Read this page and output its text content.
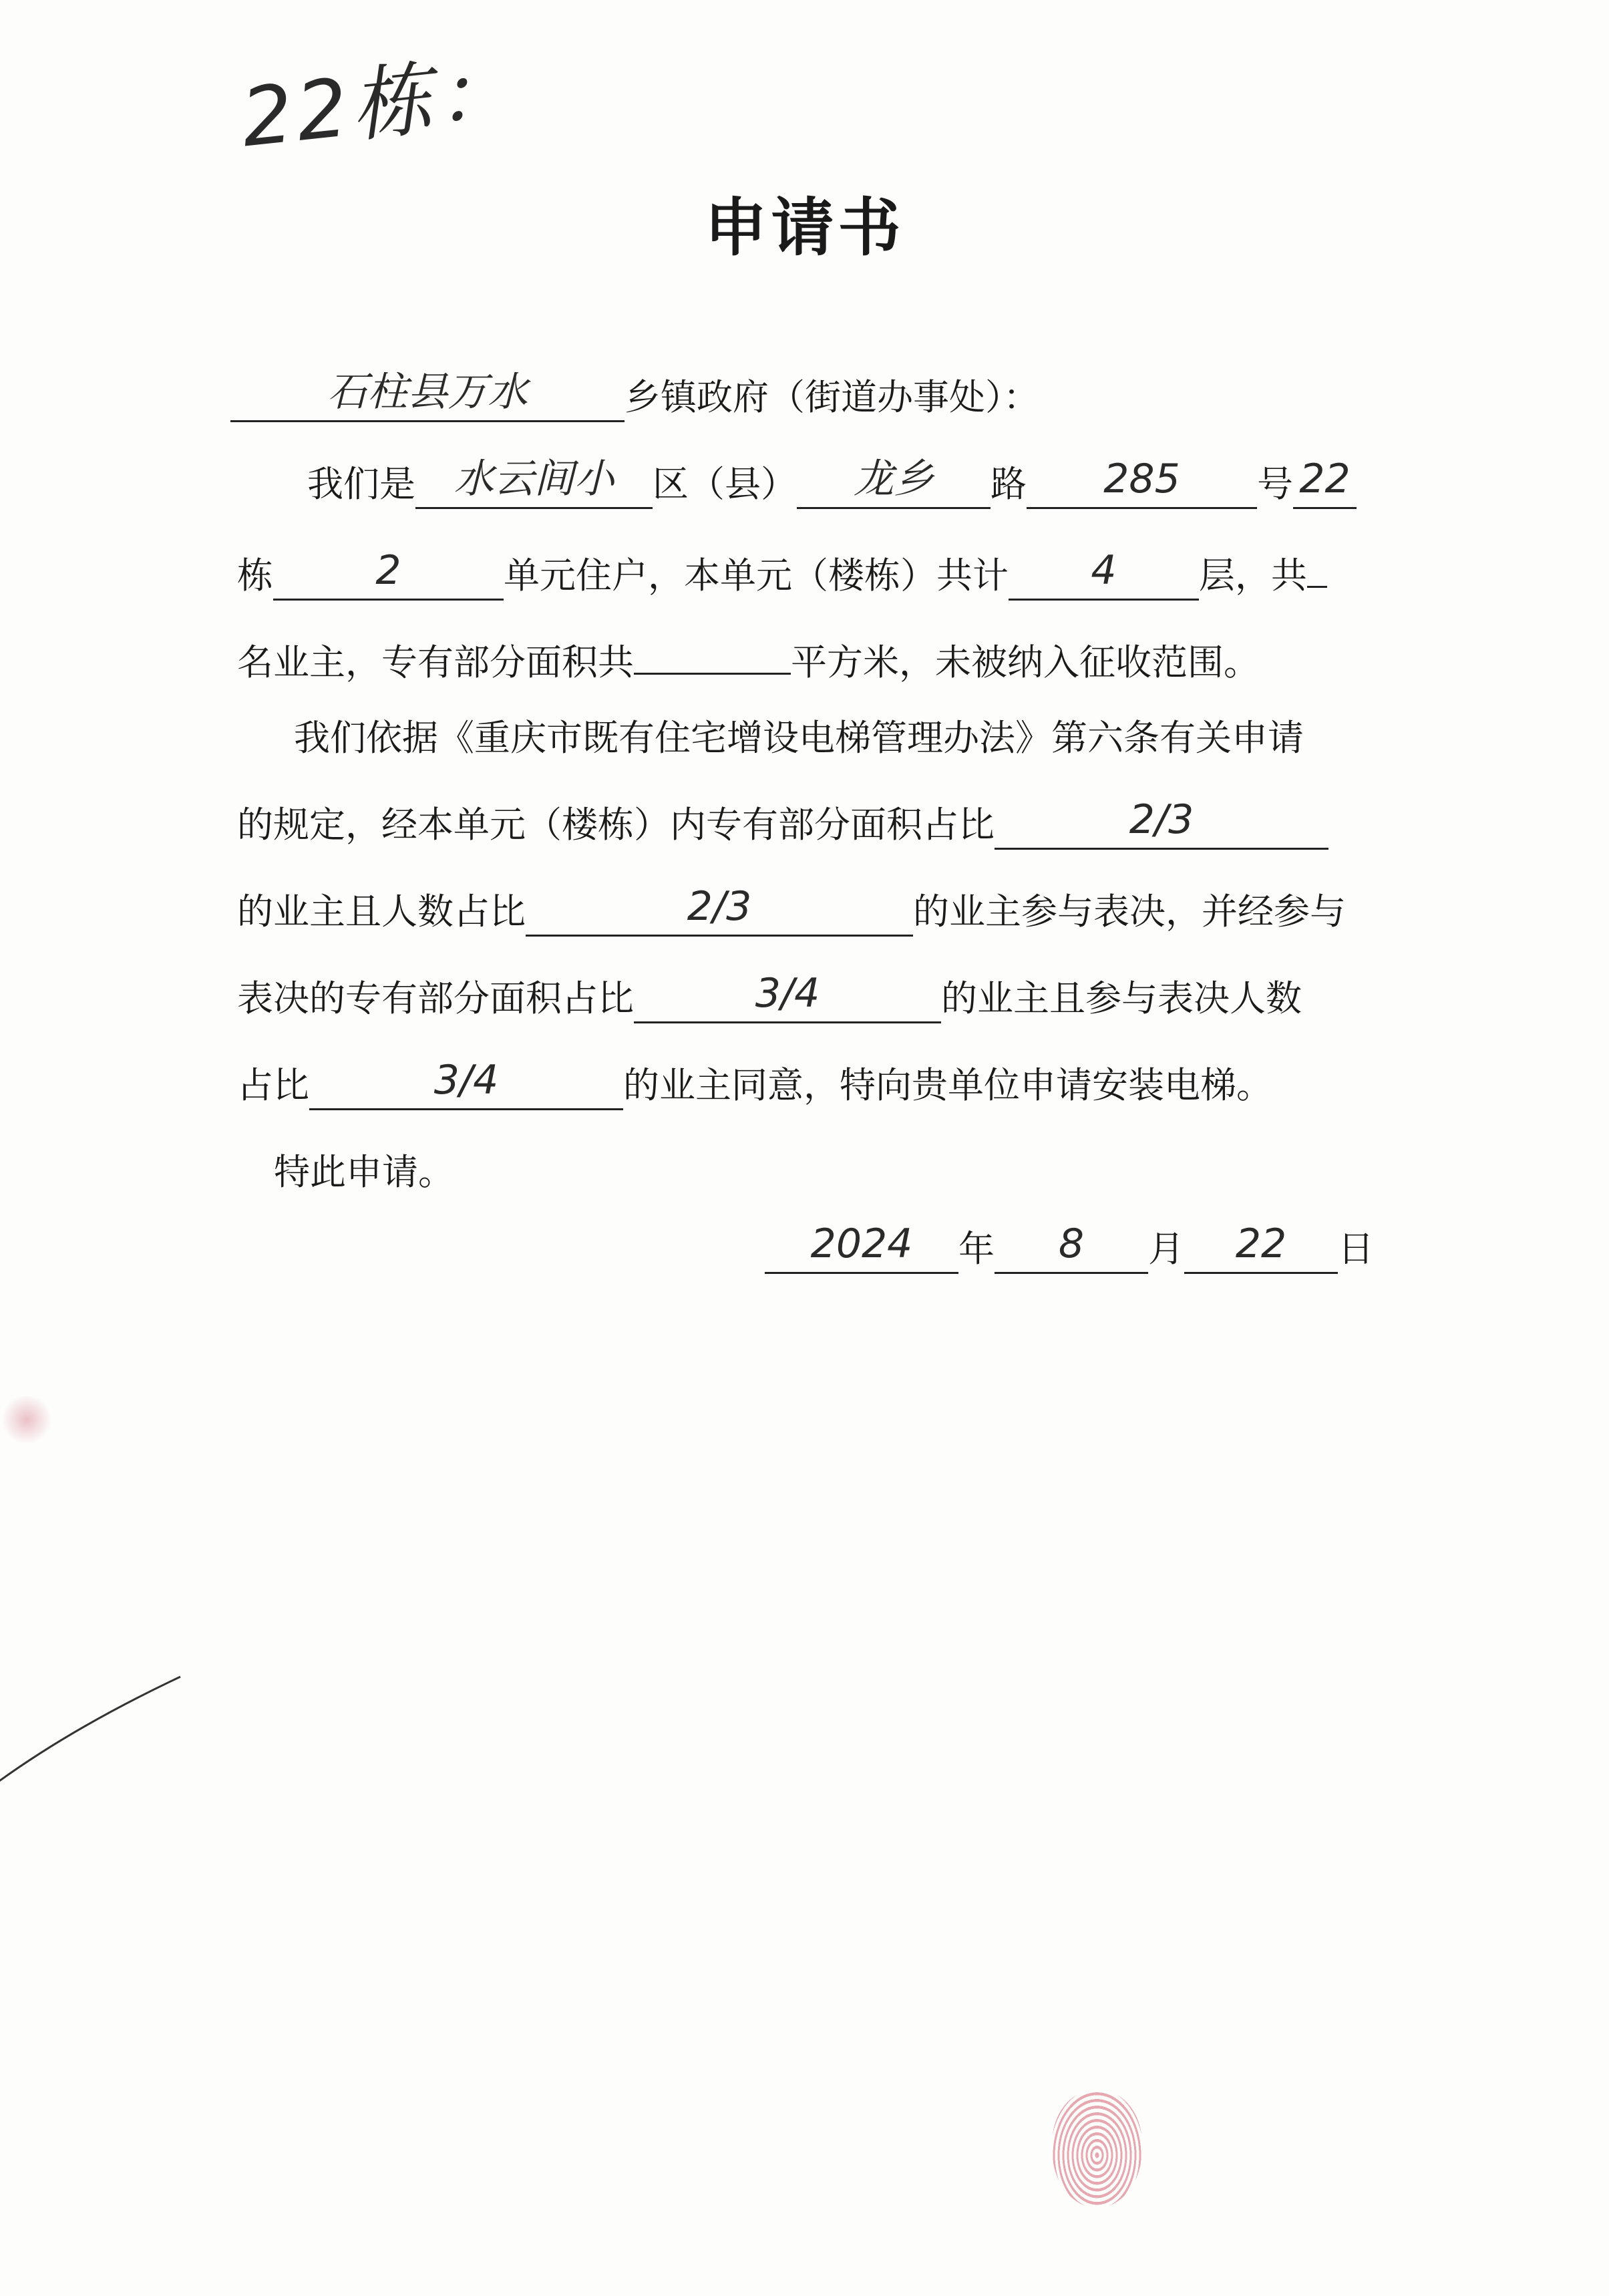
22栋：
申请书
石柱县万水	乡镇政府（街道办事处）：
我们是 水云间小 区（县） 龙乡 路 285 号 22
栋	2	单元住户，本单元（楼栋）共计 4 层，共
名业主，专有部分面积共	平方米，未被纳入征收范围。
我们依据《重庆市既有住宅增设电梯管理办法》第六条有关申请
的规定，经本单元（楼栋）内专有部分面积占比	2/3
的业主且人数占比	2/3	的业主参与表决，并经参与
表决的专有部分面积占比	3/4	的业主且参与表决人数
占比	3/4	的业主同意，特向贵单位申请安装电梯。
特此申请。
2024 年 8 月 22 日
